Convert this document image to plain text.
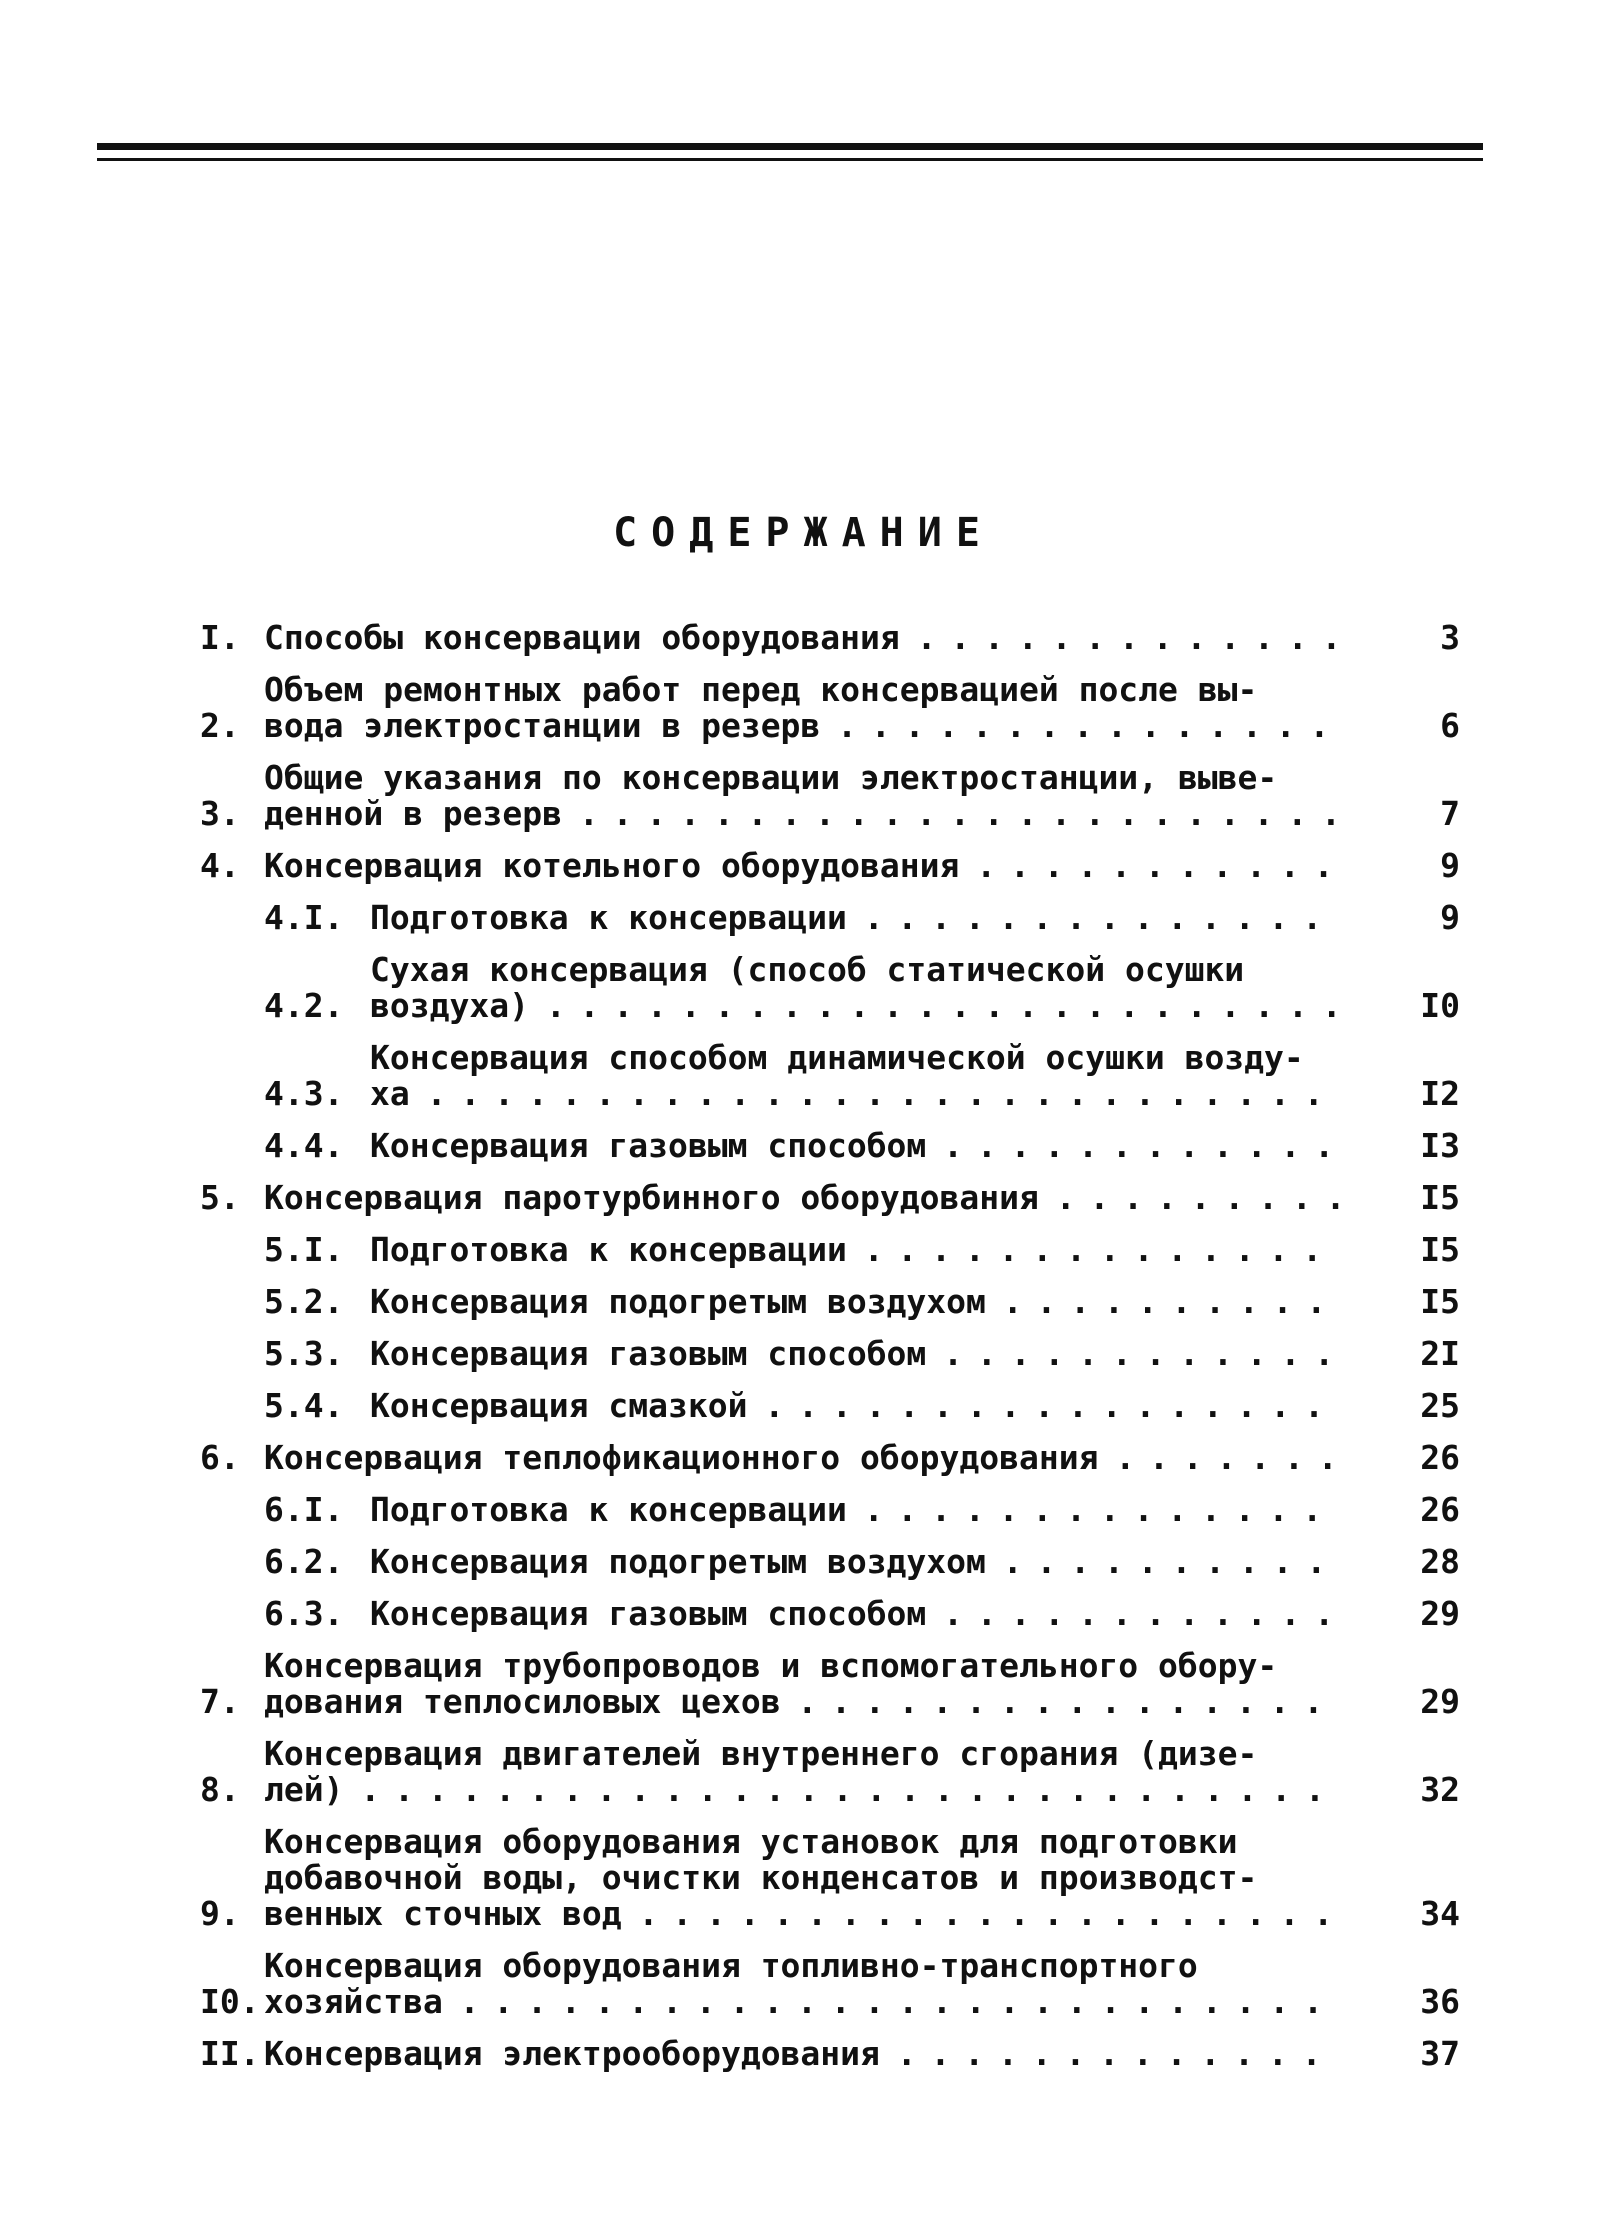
СОДЕРЖАНИЕ
I. Способы консервации оборудования . . .	3
2.
Объем ремонтных работ перед консервацией после вы-
вода электростанции в резерв . . .	6
3.
Общие указания по консервации электростанции, выве-
денной в резерв . . .	7
4. Консервация котельного оборудования . . .	9
4.I. Подготовка к консервации . . .	9
4.2.
Сухая консервация (способ статической осушки
воздуха) . . .	I0
4.3.
Консервация способом динамической осушки возду-
ха . . .	I2
4.4. Консервация газовым способом . . .	I3
5. Консервация паротурбинного оборудования . . .	I5
5.I. Подготовка к консервации . . .	I5
5.2. Консервация подогретым воздухом . . .	I5
5.3. Консервация газовым способом . . .	2I
5.4. Консервация смазкой . . .	25
6. Консервация теплофикационного оборудования . . .	26
6.I. Подготовка к консервации . . .	26
6.2. Консервация подогретым воздухом . . .	28
6.3. Консервация газовым способом . . .	29
7.
Консервация трубопроводов и вспомогательного обору-
дования теплосиловых цехов . . .	29
8.
Консервация двигателей внутреннего сгорания (дизе-
лей) . . .	32
9.
Консервация оборудования установок для подготовки
добавочной воды, очистки конденсатов и производст-
венных сточных вод . . .	34
I0.
Консервация оборудования топливно-транспортного
хозяйства . . .	36
II. Консервация электрооборудования . . .	37
